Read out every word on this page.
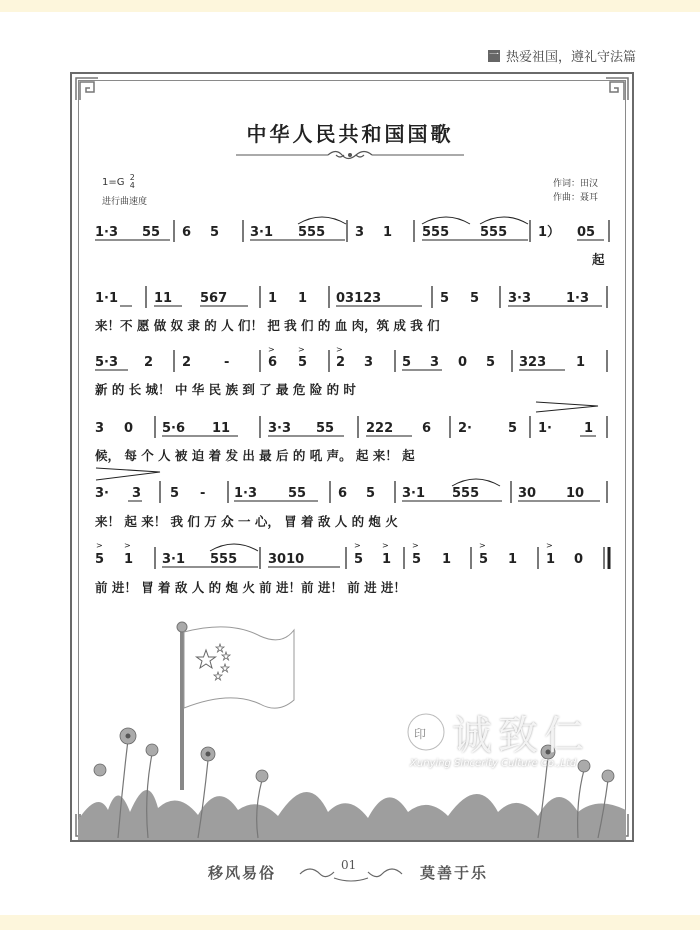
一 热爱祖国，遵礼守法篇
中华人民共和国国歌
1=G 2
4
进行曲速度
作词：田汉
作曲：聂耳
1·3 55 6 5 3·1 555 3 1 555 555 1） 05
起
1·1	11 567	1 1 03123	5 5 3·3	1·3
来！不 愿 做 奴 隶 的 人 们！ 把 我 们 的 血 肉，筑 成 我 们
5·3 2 2	-	6 5 2 3 5 3 0 5 323 1
>	>	>
新 的 长 城！ 中 华 民 族 到 了 最 危 险 的 时
3 0 5·6 11	3·3 55 222 6 2·	5 1· 1
候， 每 个 人 被 迫 着 发 出 最 后 的 吼 声。 起 来！ 起
3· 3 5 - 1·3 55 6 5 3·1 555	30 10
来！ 起 来！ 我 们 万 众 一 心， 冒 着 敌 人 的 炮 火
5 1 3·1 555 3010	5 1 5 1 5 1 1 0
>	>	>	>	>	>	>
前 进！ 冒 着 敌 人 的 炮 火 前 进！前 进！ 前 进 进！
印 诚致仁
Xunying Sincerity Culture Co.,Ltd
移风易俗	01	莫善于乐
